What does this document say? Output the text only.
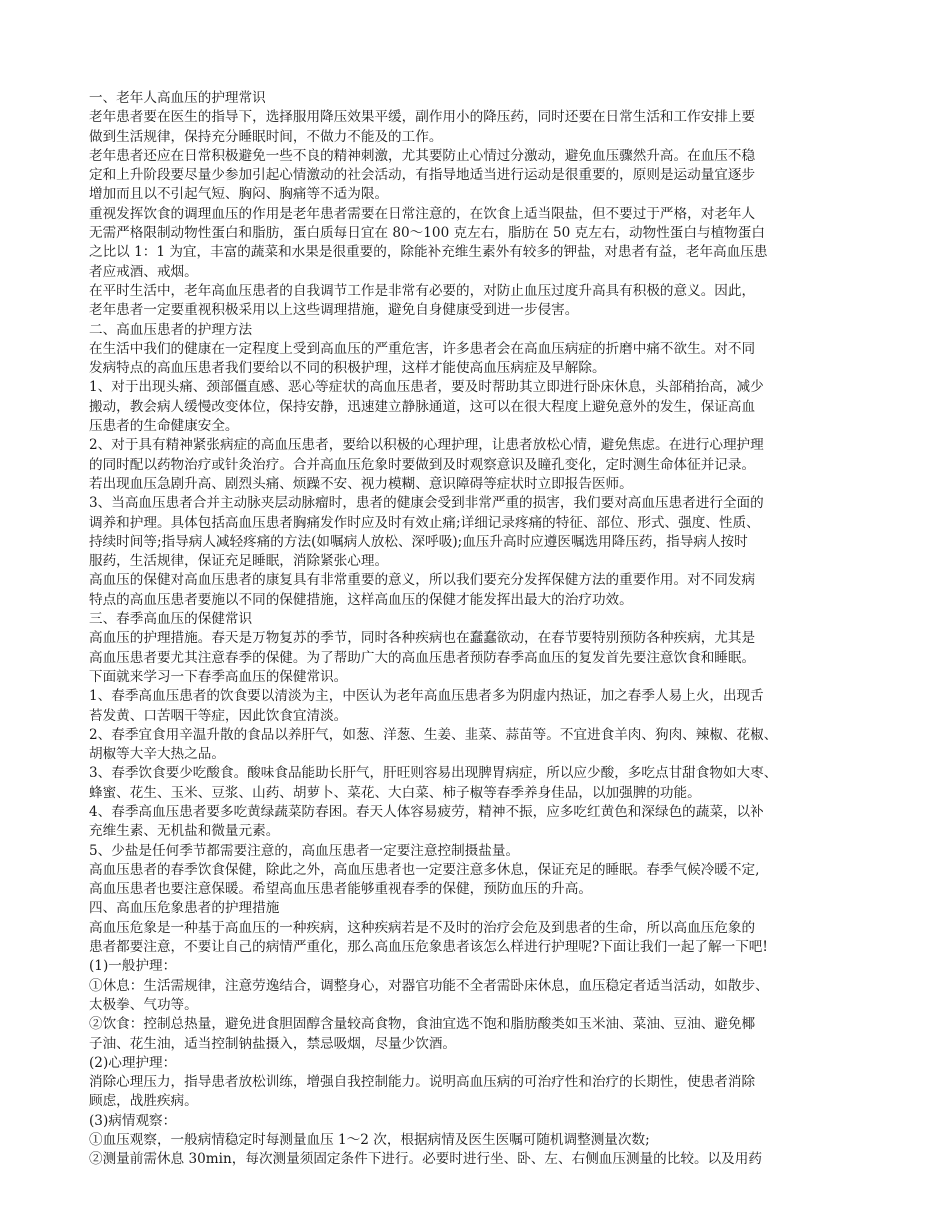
一、老年人高血压的护理常识
老年患者要在医生的指导下，选择服用降压效果平缓，副作用小的降压药，同时还要在日常生活和工作安排上要
做到生活规律，保持充分睡眠时间，不做力不能及的工作。
老年患者还应在日常积极避免一些不良的精神刺激，尤其要防止心情过分激动，避免血压骤然升高。在血压不稳
定和上升阶段要尽量少参加引起心情激动的社会活动，有指导地适当进行运动是很重要的，原则是运动量宜逐步
增加而且以不引起气短、胸闷、胸痛等不适为限。
重视发挥饮食的调理血压的作用是老年患者需要在日常注意的，在饮食上适当限盐，但不要过于严格，对老年人
无需严格限制动物性蛋白和脂肪，蛋白质每日宜在 80～100 克左右，脂肪在 50 克左右，动物性蛋白与植物蛋白
之比以 1：1 为宜，丰富的蔬菜和水果是很重要的，除能补充维生素外有较多的钾盐，对患者有益，老年高血压患
者应戒酒、戒烟。
在平时生活中，老年高血压患者的自我调节工作是非常有必要的，对防止血压过度升高具有积极的意义。因此，
老年患者一定要重视积极采用以上这些调理措施，避免自身健康受到进一步侵害。
二、高血压患者的护理方法
在生活中我们的健康在一定程度上受到高血压的严重危害，许多患者会在高血压病症的折磨中痛不欲生。对不同
发病特点的高血压患者我们要给以不同的积极护理，这样才能使高血压病症及早解除。
1、对于出现头痛、颈部僵直感、恶心等症状的高血压患者，要及时帮助其立即进行卧床休息，头部稍抬高，减少
搬动，教会病人缓慢改变体位，保持安静，迅速建立静脉通道，这可以在很大程度上避免意外的发生，保证高血
压患者的生命健康安全。
2、对于具有精神紧张病症的高血压患者，要给以积极的心理护理，让患者放松心情，避免焦虑。在进行心理护理
的同时配以药物治疗或针灸治疗。合并高血压危象时要做到及时观察意识及瞳孔变化，定时测生命体征并记录。
若出现血压急剧升高、剧烈头痛、烦躁不安、视力模糊、意识障碍等症状时立即报告医师。
3、当高血压患者合并主动脉夹层动脉瘤时，患者的健康会受到非常严重的损害，我们要对高血压患者进行全面的
调养和护理。具体包括高血压患者胸痛发作时应及时有效止痛;详细记录疼痛的特征、部位、形式、强度、性质、
持续时间等;指导病人减轻疼痛的方法(如嘱病人放松、深呼吸);血压升高时应遵医嘱选用降压药，指导病人按时
服药，生活规律，保证充足睡眠，消除紧张心理。
高血压的保健对高血压患者的康复具有非常重要的意义，所以我们要充分发挥保健方法的重要作用。对不同发病
特点的高血压患者要施以不同的保健措施，这样高血压的保健才能发挥出最大的治疗功效。
三、春季高血压的保健常识
高血压的护理措施。春天是万物复苏的季节，同时各种疾病也在蠢蠢欲动，在春节要特别预防各种疾病，尤其是
高血压患者要尤其注意春季的保健。为了帮助广大的高血压患者预防春季高血压的复发首先要注意饮食和睡眠。
下面就来学习一下春季高血压的保健常识。
1、春季高血压患者的饮食要以清淡为主，中医认为老年高血压患者多为阴虚内热证，加之春季人易上火，出现舌
苔发黄、口苦咽干等症，因此饮食宜清淡。
2、春季宜食用辛温升散的食品以养肝气，如葱、洋葱、生姜、韭菜、蒜苗等。不宜进食羊肉、狗肉、辣椒、花椒、
胡椒等大辛大热之品。
3、春季饮食要少吃酸食。酸味食品能助长肝气，肝旺则容易出现脾胃病症，所以应少酸，多吃点甘甜食物如大枣、
蜂蜜、花生、玉米、豆浆、山药、胡萝卜、菜花、大白菜、柿子椒等春季养身佳品，以加强脾的功能。
4、春季高血压患者要多吃黄绿蔬菜防春困。春天人体容易疲劳，精神不振，应多吃红黄色和深绿色的蔬菜，以补
充维生素、无机盐和微量元素。
5、少盐是任何季节都需要注意的，高血压患者一定要注意控制摄盐量。
高血压患者的春季饮食保健，除此之外，高血压患者也一定要注意多休息，保证充足的睡眠。春季气候冷暖不定,
高血压患者也要注意保暖。希望高血压患者能够重视春季的保健，预防血压的升高。
四、高血压危象患者的护理措施
高血压危象是一种基于高血压的一种疾病，这种疾病若是不及时的治疗会危及到患者的生命，所以高血压危象的
患者都要注意，不要让自己的病情严重化，那么高血压危象患者该怎么样进行护理呢?下面让我们一起了解一下吧!
(1)一般护理：
①休息：生活需规律，注意劳逸结合，调整身心，对器官功能不全者需卧床休息，血压稳定者适当活动，如散步、
太极拳、气功等。
②饮食：控制总热量，避免进食胆固醇含量较高食物，食油宜选不饱和脂肪酸类如玉米油、菜油、豆油、避免椰
子油、花生油，适当控制钠盐摄入，禁忌吸烟，尽量少饮酒。
(2)心理护理：
消除心理压力，指导患者放松训练，增强自我控制能力。说明高血压病的可治疗性和治疗的长期性，使患者消除
顾虑，战胜疾病。
(3)病情观察：
①血压观察，一般病情稳定时每测量血压 1～2 次，根据病情及医生医嘱可随机调整测量次数;
②测量前需休息 30min，每次测量须固定条件下进行。必要时进行坐、卧、左、右侧血压测量的比较。以及用药
